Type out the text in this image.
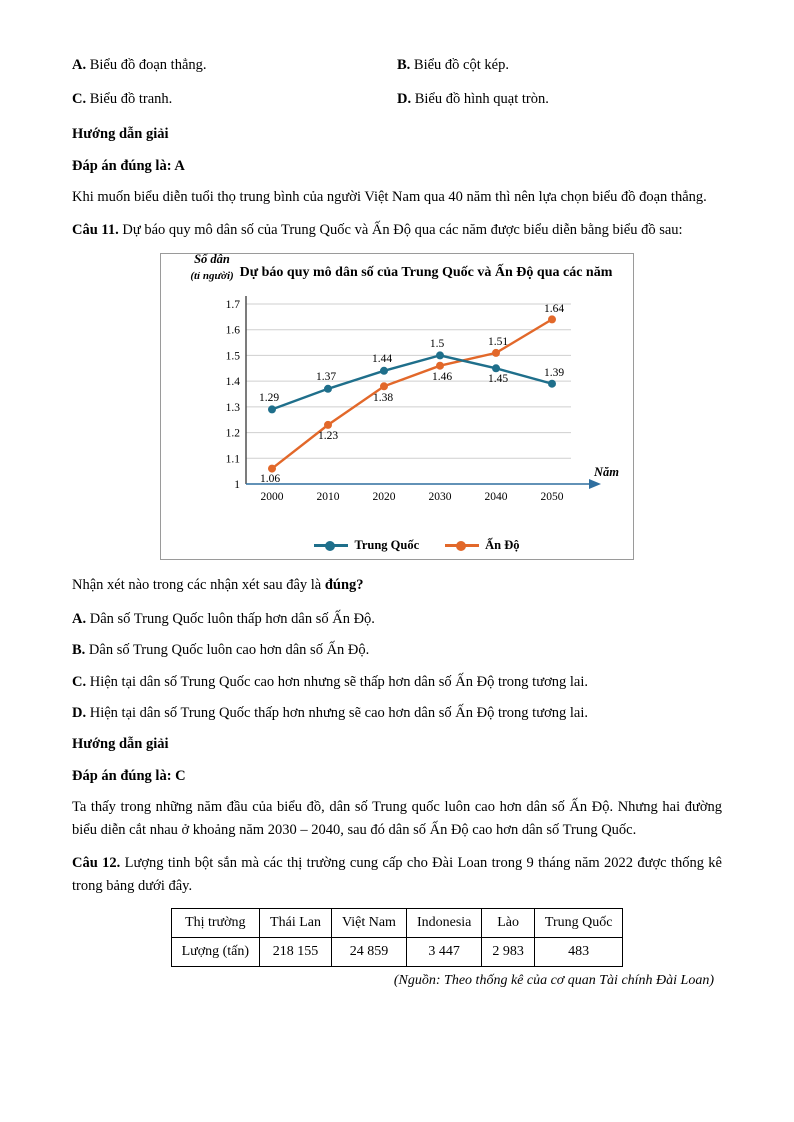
A. Biểu đồ đoạn thẳng.	B. Biểu đồ cột kép.
C. Biểu đồ tranh.	D. Biểu đồ hình quạt tròn.

Hướng dẫn giải

Đáp án đúng là: A

Khi muốn biểu diễn tuổi thọ trung bình của người Việt Nam qua 40 năm thì nên lựa chọn biểu đồ đoạn thẳng.

Câu 11. Dự báo quy mô dân số của Trung Quốc và Ấn Độ qua các năm được biểu diễn bằng biểu đồ sau:

Dự báo quy mô dân số của Trung Quốc và Ấn Độ qua các năm
Số dân
(tỉ người)
Năm
1
1.1
1.2
1.3
1.4
1.5
1.6
1.7
2000	2010	2020	2030	2040	2050
1.29
1.37
1.44
1.5
1.45	1.39
1.06
1.23
1.38
1.46
1.51
1.64
Trung Quốc	Ấn Độ

Nhận xét nào trong các nhận xét sau đây là đúng?

A. Dân số Trung Quốc luôn thấp hơn dân số Ấn Độ.

B. Dân số Trung Quốc luôn cao hơn dân số Ấn Độ.

C. Hiện tại dân số Trung Quốc cao hơn nhưng sẽ thấp hơn dân số Ấn Độ trong tương lai.

D. Hiện tại dân số Trung Quốc thấp hơn nhưng sẽ cao hơn dân số Ấn Độ trong tương lai.

Hướng dẫn giải

Đáp án đúng là: C

Ta thấy trong những năm đầu của biểu đồ, dân số Trung quốc luôn cao hơn dân số Ấn Độ. Nhưng hai đường biểu diễn cắt nhau ở khoảng năm 2030 – 2040, sau đó dân số Ấn Độ cao hơn dân số Trung Quốc.

Câu 12. Lượng tinh bột sắn mà các thị trường cung cấp cho Đài Loan trong 9 tháng năm 2022 được thống kê trong bảng dưới đây.

Thị trường	Thái Lan	Việt Nam	Indonesia	Lào	Trung Quốc
Lượng (tấn)	218 155	24 859	3 447	2 983	483
(Nguồn: Theo thống kê của cơ quan Tài chính Đài Loan)
